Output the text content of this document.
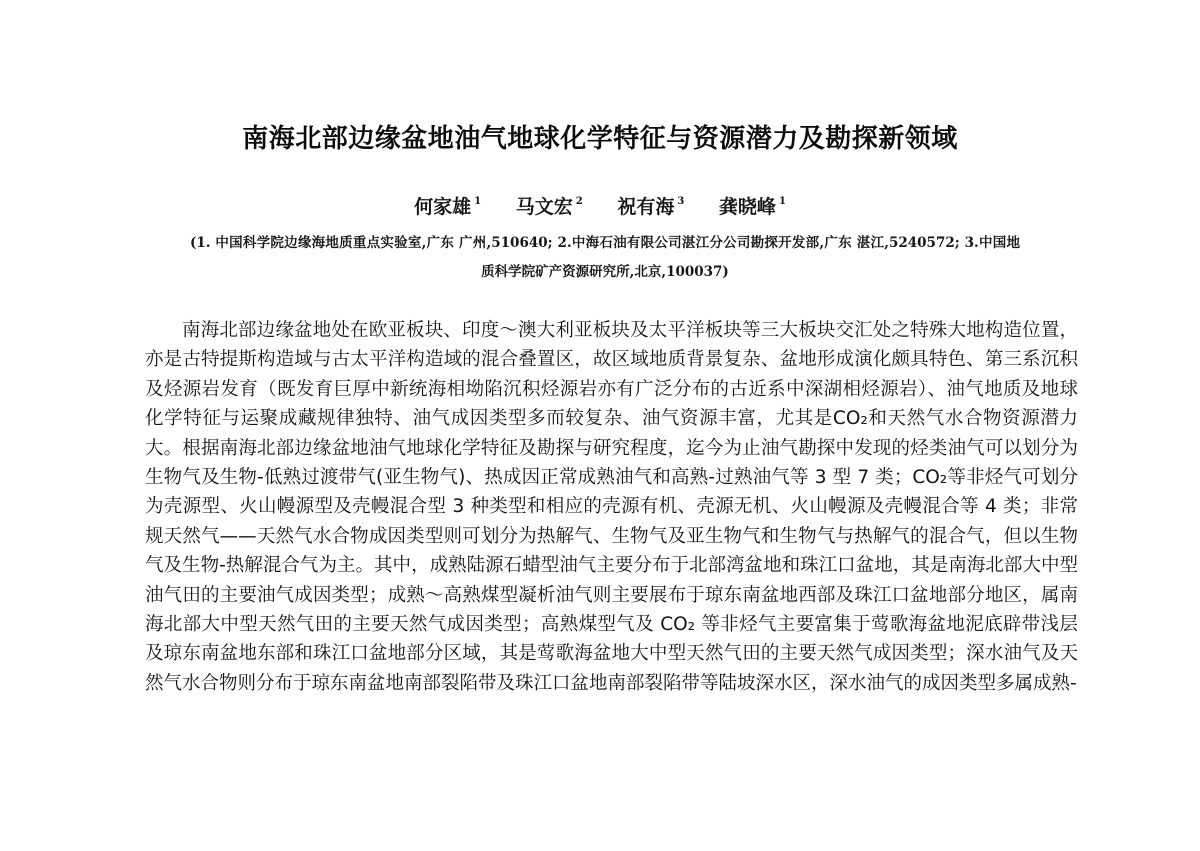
南海北部边缘盆地油气地球化学特征与资源潜力及勘探新领域
何家雄 $^1$ 马文宏 $^2$ 祝有海 $^3$ 龚晓峰 $^1$
(1. 中国科学院边缘海地质重点实验室,广东 广州,510640; 2.中海石油有限公司湛江分公司勘探开发部,广东 湛江,5240572; 3.中国地质科学院矿产资源研究所,北京,100037)

南海北部边缘盆地处在欧亚板块、印度～澳大利亚板块及太平洋板块等三大板块交汇处之特殊大地构造位置，亦是古特提斯构造域与古太平洋构造域的混合叠置区，故区域地质背景复杂、盆地形成演化颇具特色、第三系沉积及烃源岩发育（既发育巨厚中新统海相坳陷沉积烃源岩亦有广泛分布的古近系中深湖相烃源岩）、油气地质及地球化学特征与运聚成藏规律独特、油气成因类型多而较复杂、油气资源丰富，尤其是CO₂和天然气水合物资源潜力大。根据南海北部边缘盆地油气地球化学特征及勘探与研究程度，迄今为止油气勘探中发现的烃类油气可以划分为生物气及生物-低熟过渡带气(亚生物气)、热成因正常成熟油气和高熟-过熟油气等 3 型 7 类；CO₂等非烃气可划分为壳源型、火山幔源型及壳幔混合型 3 种类型和相应的壳源有机、壳源无机、火山幔源及壳幔混合等 4 类；非常规天然气——天然气水合物成因类型则可划分为热解气、生物气及亚生物气和生物气与热解气的混合气，但以生物气及生物-热解混合气为主。其中，成熟陆源石蜡型油气主要分布于北部湾盆地和珠江口盆地，其是南海北部大中型油气田的主要油气成因类型；成熟～高熟煤型凝析油气则主要展布于琼东南盆地西部及珠江口盆地部分地区，属南海北部大中型天然气田的主要天然气成因类型；高熟煤型气及 CO₂ 等非烃气主要富集于莺歌海盆地泥底辟带浅层及琼东南盆地东部和珠江口盆地部分区域，其是莺歌海盆地大中型天然气田的主要天然气成因类型；深水油气及天然气水合物则分布于琼东南盆地南部裂陷带及珠江口盆地南部裂陷带等陆坡深水区，深水油气的成因类型多属成熟-
